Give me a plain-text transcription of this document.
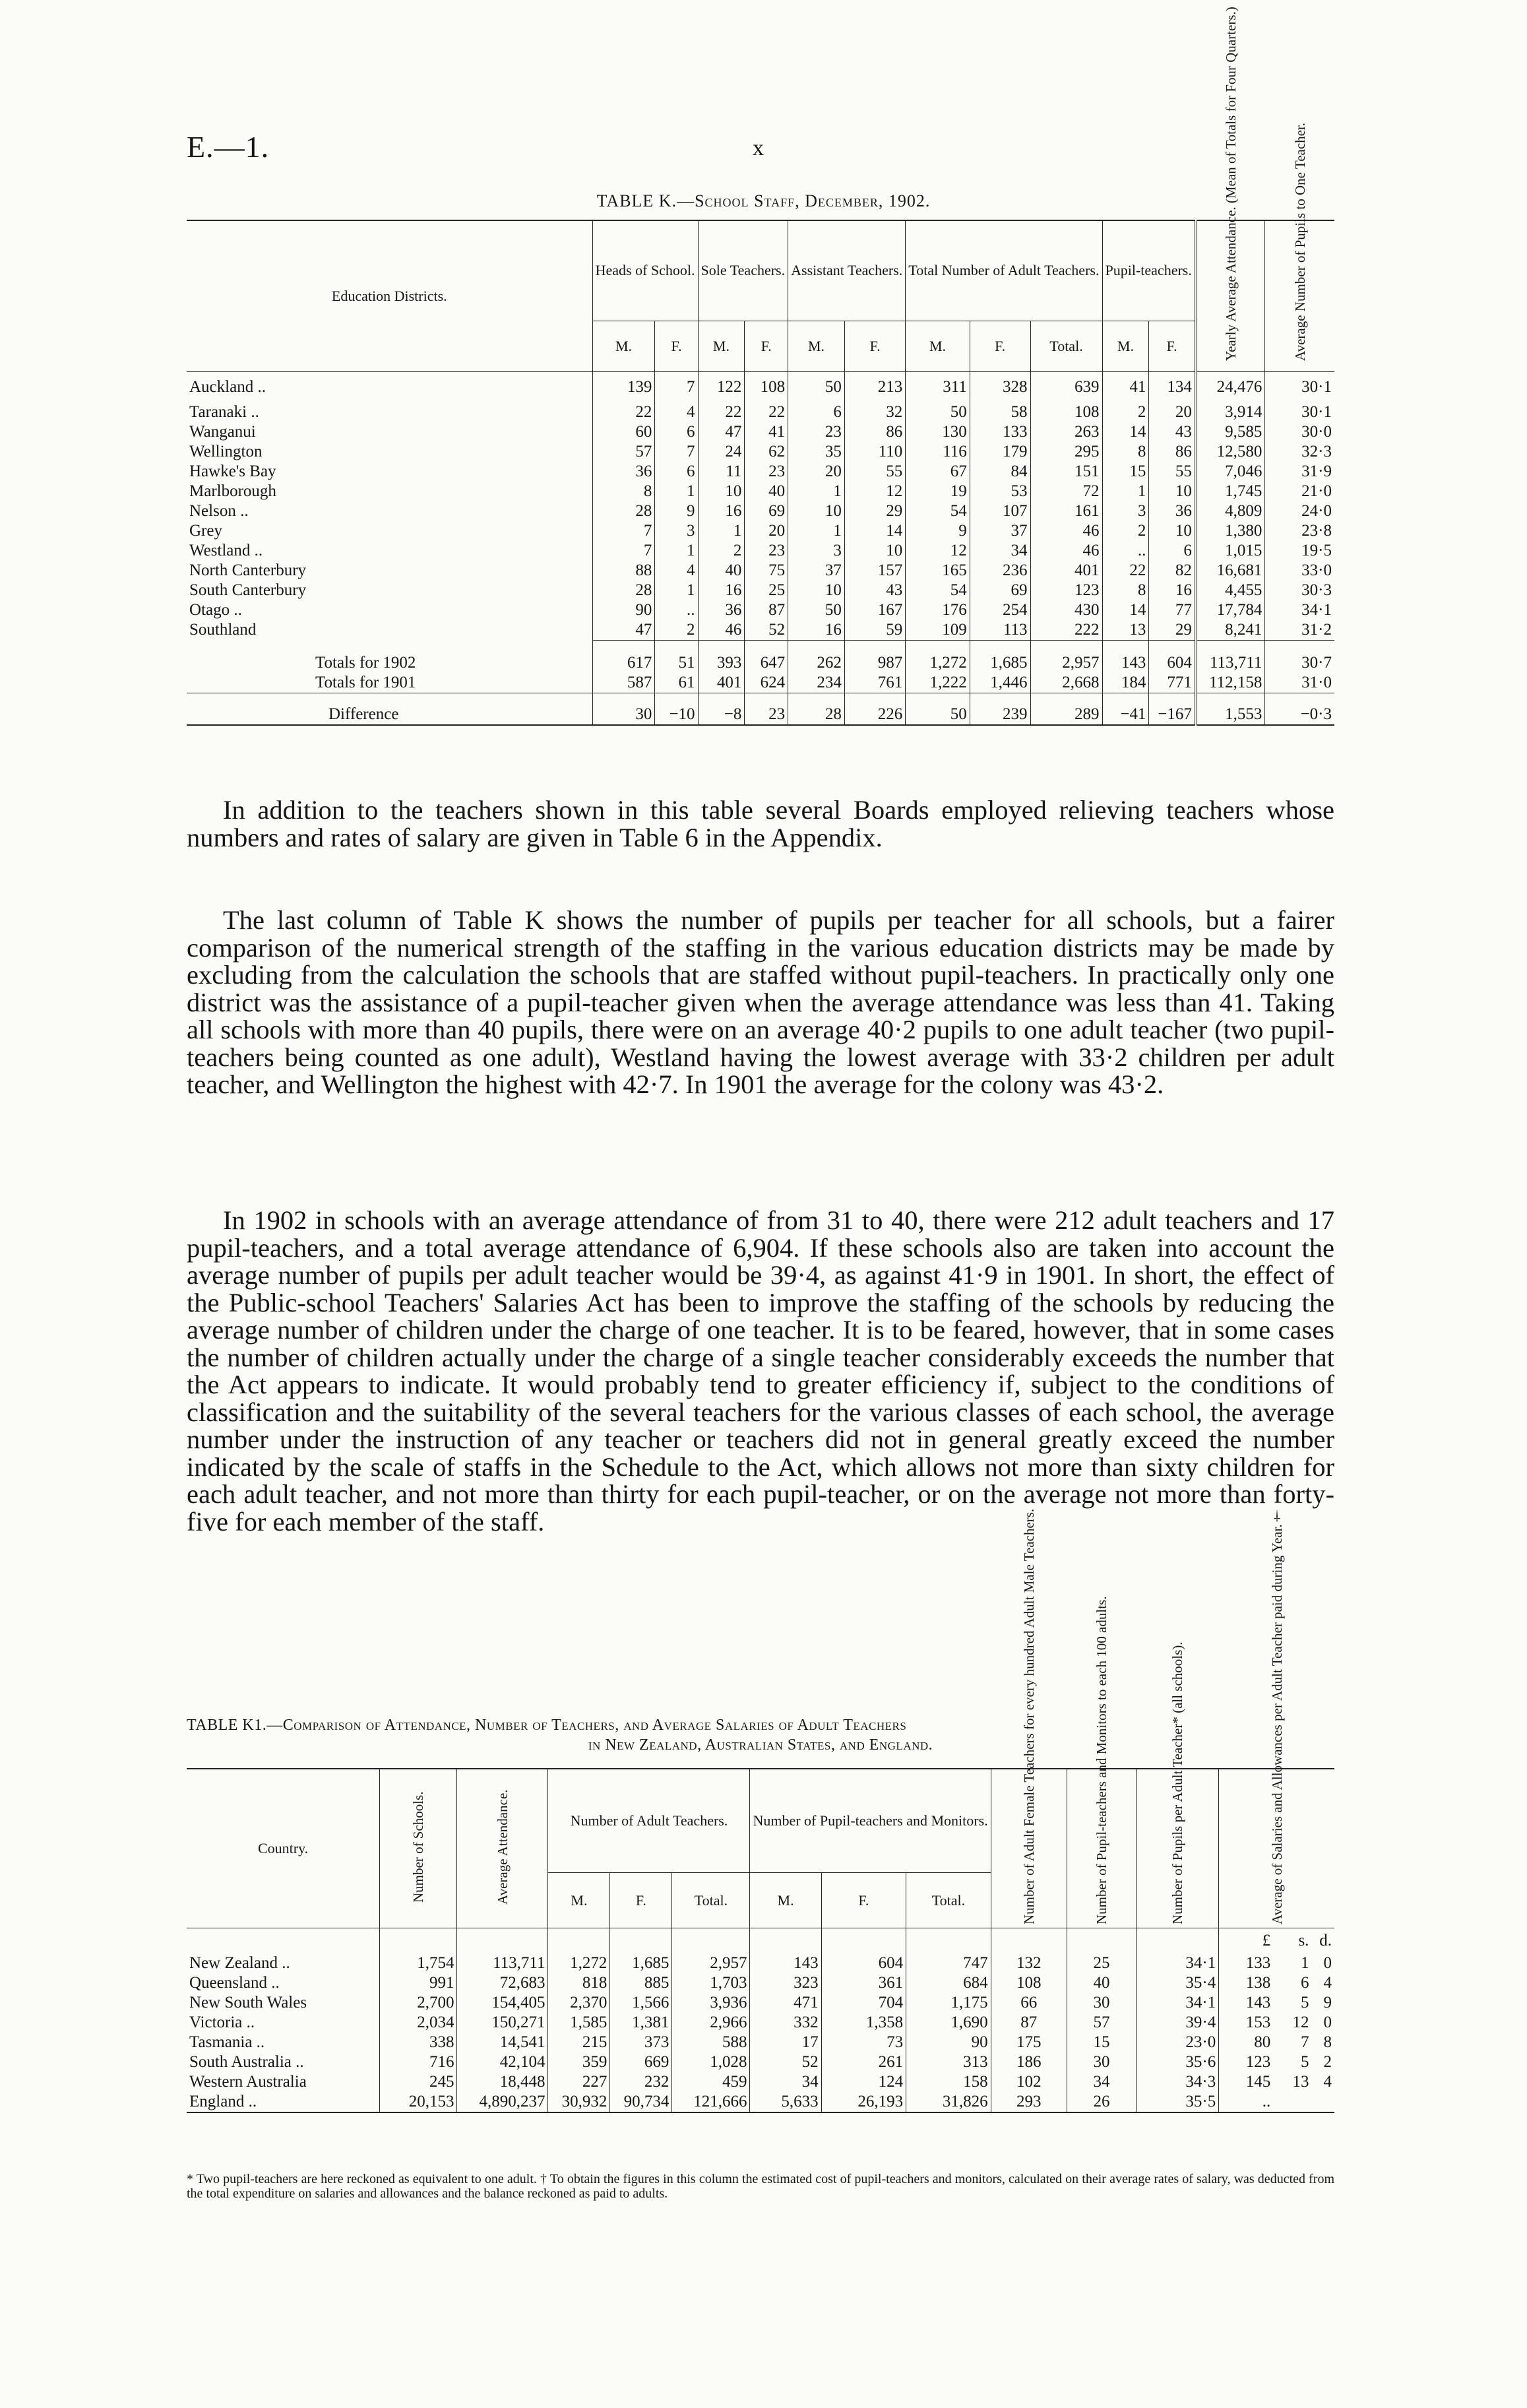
E.—1.	x
TABLE K.—School Staff, December, 1902.
Education Districts.	Heads of School.		Sole Teachers.		Assistant Teachers.		Total Number of Adult Teachers.			Pupil-teachers.		Yearly Average Attendance. (Mean of Totals for Four Quarters.)	Average Number of Pupils to One Teacher.
	M.	F.	M.	F.	M.	F.	M.	F.	Total.	M.	F.		
Auckland ..	139	7	122	108	50	213	311	328	639	41	134	24,476	30·1
Taranaki ..	22	4	22	22	6	32	50	58	108	2	20	3,914	30·1
Wanganui	60	6	47	41	23	86	130	133	263	14	43	9,585	30·0
Wellington	57	7	24	62	35	110	116	179	295	8	86	12,580	32·3
Hawke's Bay	36	6	11	23	20	55	67	84	151	15	55	7,046	31·9
Marlborough	8	1	10	40	1	12	19	53	72	1	10	1,745	21·0
Nelson ..	28	9	16	69	10	29	54	107	161	3	36	4,809	24·0
Grey	7	3	1	20	1	14	9	37	46	2	10	1,380	23·8
Westland ..	7	1	2	23	3	10	12	34	46	..	6	1,015	19·5
North Canterbury	88	4	40	75	37	157	165	236	401	22	82	16,681	33·0
South Canterbury	28	1	16	25	10	43	54	69	123	8	16	4,455	30·3
Otago ..	90	..	36	87	50	167	176	254	430	14	77	17,784	34·1
Southland	47	2	46	52	16	59	109	113	222	13	29	8,241	31·2
Totals for 1902	617	51	393	647	262	987	1,272	1,685	2,957	143	604	113,711	30·7
Totals for 1901	587	61	401	624	234	761	1,222	1,446	2,668	184	771	112,158	31·0
Difference	30	−10	−8	23	28	226	50	239	289	−41	−167	1,553	−0·3
In addition to the teachers shown in this table several Boards employed relieving teachers whose numbers and rates of salary are given in Table 6 in the Appendix.
The last column of Table K shows the number of pupils per teacher for all schools, but a fairer comparison of the numerical strength of the staffing in the various education districts may be made by excluding from the calculation the schools that are staffed without pupil-teachers. In practically only one district was the assistance of a pupil-teacher given when the average attendance was less than 41. Taking all schools with more than 40 pupils, there were on an average 40·2 pupils to one adult teacher (two pupil-teachers being counted as one adult), Westland having the lowest average with 33·2 children per adult teacher, and Wellington the highest with 42·7. In 1901 the average for the colony was 43·2.
In 1902 in schools with an average attendance of from 31 to 40, there were 212 adult teachers and 17 pupil-teachers, and a total average attendance of 6,904. If these schools also are taken into account the average number of pupils per adult teacher would be 39·4, as against 41·9 in 1901. In short, the effect of the Public-school Teachers' Salaries Act has been to improve the staffing of the schools by reducing the average number of children under the charge of one teacher. It is to be feared, however, that in some cases the number of children actually under the charge of a single teacher considerably exceeds the number that the Act appears to indicate. It would probably tend to greater efficiency if, subject to the conditions of classification and the suitability of the several teachers for the various classes of each school, the average number under the instruction of any teacher or teachers did not in general greatly exceed the number indicated by the scale of staffs in the Schedule to the Act, which allows not more than sixty children for each adult teacher, and not more than thirty for each pupil-teacher, or on the average not more than forty-five for each member of the staff.
TABLE K1.—Comparison of Attendance, Number of Teachers, and Average Salaries of Adult Teachers
in New Zealand, Australian States, and England.
Country.	Number of Schools.	Average Attendance.	Number of Adult Teachers.			Number of Pupil-teachers and Monitors.			Number of Adult Female Teachers for every hundred Adult Male Teachers.	Number of Pupil-teachers and Monitors to each 100 adults.	Number of Pupils per Adult Teacher* (all schools).	Average of Salaries and Allowances per Adult Teacher paid during Year.†		
			M.	F.	Total.	M.	F.	Total.						
												£	s.	d.
New Zealand ..	1,754	113,711	1,272	1,685	2,957	143	604	747	132	25	34·1	133	1	0
Queensland ..	991	72,683	818	885	1,703	323	361	684	108	40	35·4	138	6	4
New South Wales	2,700	154,405	2,370	1,566	3,936	471	704	1,175	66	30	34·1	143	5	9
Victoria ..	2,034	150,271	1,585	1,381	2,966	332	1,358	1,690	87	57	39·4	153	12	0
Tasmania ..	338	14,541	215	373	588	17	73	90	175	15	23·0	80	7	8
South Australia ..	716	42,104	359	669	1,028	52	261	313	186	30	35·6	123	5	2
Western Australia	245	18,448	227	232	459	34	124	158	102	34	34·3	145	13	4
England ..	20,153	4,890,237	30,932	90,734	121,666	5,633	26,193	31,826	293	26	35·5	..		
* Two pupil-teachers are here reckoned as equivalent to one adult. † To obtain the figures in this column the estimated cost of pupil-teachers and monitors, calculated on their average rates of salary, was deducted from the total expenditure on salaries and allowances and the balance reckoned as paid to adults.
